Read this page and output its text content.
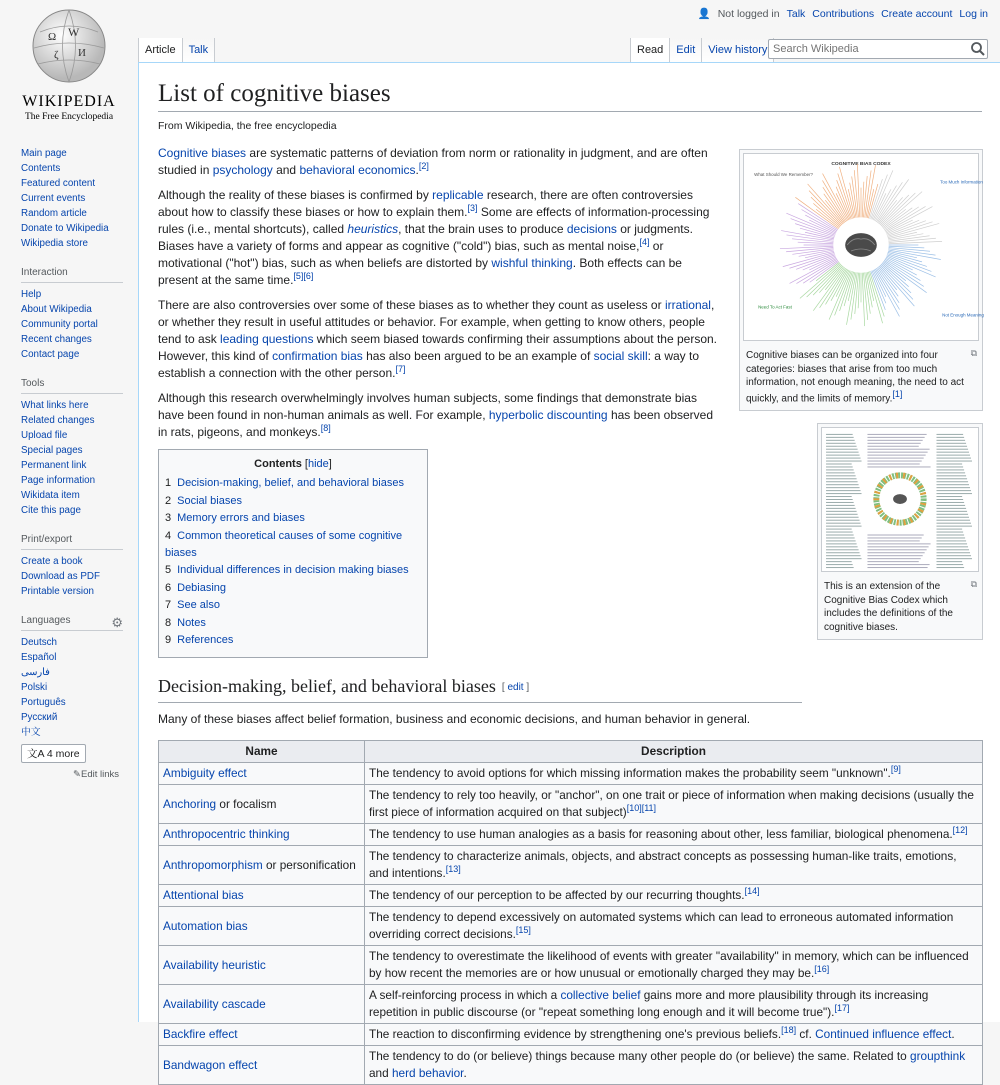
Ω W
ζ И
WIKIPEDIA
The Free Encyclopedia
Main page
Contents
Featured content
Current events
Random article
Donate to Wikipedia
Wikipedia store
Interaction
Help
About Wikipedia
Community portal
Recent changes
Contact page
Tools
What links here
Related changes
Upload file
Special pages
Permanent link
Page information
Wikidata item
Cite this page
Print/export
Create a book
Download as PDF
Printable version
Languages	⚙
Deutsch
Español
فارسی
Polski
Português
Русский
中文
文A 4 more
✎Edit links
👤 Not logged in Talk Contributions Create account Log in
Article	Talk	Read	Edit	View history
Search Wikipedia
List of cognitive biases
From Wikipedia, the free encyclopedia

Cognitive biases are systematic patterns of deviation from norm or rationality in judgment, and are often studied in psychology and behavioral economics.[2]

Although the reality of these biases is confirmed by replicable research, there are often controversies about how to classify these biases or how to explain them.[3] Some are effects of information-processing rules (i.e., mental shortcuts), called heuristics, that the brain uses to produce decisions or judgments. Biases have a variety of forms and appear as cognitive ("cold") bias, such as mental noise,[4] or motivational ("hot") bias, such as when beliefs are distorted by wishful thinking. Both effects can be present at the same time.[5][6]

There are also controversies over some of these biases as to whether they count as useless or irrational, or whether they result in useful attitudes or behavior. For example, when getting to know others, people tend to ask leading questions which seem biased towards confirming their assumptions about the person. However, this kind of confirmation bias has also been argued to be an example of social skill: a way to establish a connection with the other person.[7]

Although this research overwhelmingly involves human subjects, some findings that demonstrate bias have been found in non-human animals as well. For example, hyperbolic discounting has been observed in rats, pigeons, and monkeys.[8]

COGNITIVE BIAS CODEX
What Should We Remember?
Too Much Information
Need To Act Fast
Not Enough Meaning
⧉
Cognitive biases can be organized into four categories: biases that arise from too much information, not enough meaning, the need to act quickly, and the limits of memory.[1]
⧉
This is an extension of the Cognitive Bias Codex which includes the definitions of the cognitive biases.
Contents [hide]
1 Decision-making, belief, and behavioral biases
2 Social biases
3 Memory errors and biases
4 Common theoretical causes of some cognitive biases
5 Individual differences in decision making biases
6 Debiasing
7 See also
8 Notes
9 References
Decision-making, belief, and behavioral biases [ edit ]

Many of these biases affect belief formation, business and economic decisions, and human behavior in general.

Name	Description
Ambiguity effect	The tendency to avoid options for which missing information makes the probability seem "unknown".[9]
Anchoring or focalism	The tendency to rely too heavily, or "anchor", on one trait or piece of information when making decisions (usually the first piece of information acquired on that subject)[10][11]
Anthropocentric thinking	The tendency to use human analogies as a basis for reasoning about other, less familiar, biological phenomena.[12]
Anthropomorphism or personification	The tendency to characterize animals, objects, and abstract concepts as possessing human-like traits, emotions, and intentions.[13]
Attentional bias	The tendency of our perception to be affected by our recurring thoughts.[14]
Automation bias	The tendency to depend excessively on automated systems which can lead to erroneous automated information overriding correct decisions.[15]
Availability heuristic	The tendency to overestimate the likelihood of events with greater "availability" in memory, which can be influenced by how recent the memories are or how unusual or emotionally charged they may be.[16]
Availability cascade	A self-reinforcing process in which a collective belief gains more and more plausibility through its increasing repetition in public discourse (or "repeat something long enough and it will become true").[17]
Backfire effect	The reaction to disconfirming evidence by strengthening one's previous beliefs.[18] cf. Continued influence effect.
Bandwagon effect	The tendency to do (or believe) things because many other people do (or believe) the same. Related to groupthink and herd behavior.
